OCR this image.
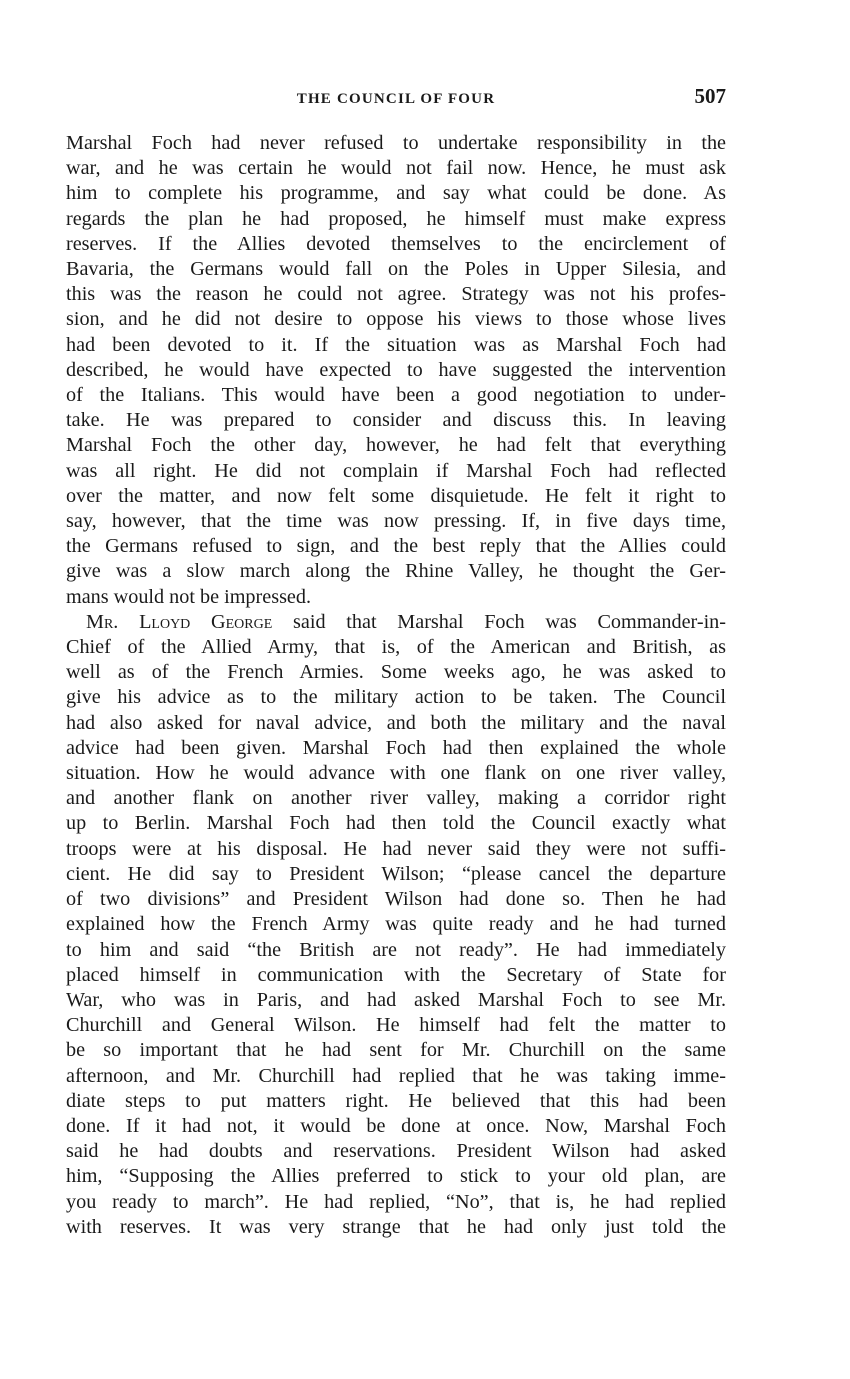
THE COUNCIL OF FOUR	507
Marshal Foch had never refused to undertake responsibility in the
war, and he was certain he would not fail now. Hence, he must ask
him to complete his programme, and say what could be done. As
regards the plan he had proposed, he himself must make express
reserves. If the Allies devoted themselves to the encirclement of
Bavaria, the Germans would fall on the Poles in Upper Silesia, and
this was the reason he could not agree. Strategy was not his profes-
sion, and he did not desire to oppose his views to those whose lives
had been devoted to it. If the situation was as Marshal Foch had
described, he would have expected to have suggested the intervention
of the Italians. This would have been a good negotiation to under-
take. He was prepared to consider and discuss this. In leaving
Marshal Foch the other day, however, he had felt that everything
was all right. He did not complain if Marshal Foch had reflected
over the matter, and now felt some disquietude. He felt it right to
say, however, that the time was now pressing. If, in five days time,
the Germans refused to sign, and the best reply that the Allies could
give was a slow march along the Rhine Valley, he thought the Ger-
mans would not be impressed.
Mr. Lloyd George said that Marshal Foch was Commander-in-
Chief of the Allied Army, that is, of the American and British, as
well as of the French Armies. Some weeks ago, he was asked to
give his advice as to the military action to be taken. The Council
had also asked for naval advice, and both the military and the naval
advice had been given. Marshal Foch had then explained the whole
situation. How he would advance with one flank on one river valley,
and another flank on another river valley, making a corridor right
up to Berlin. Marshal Foch had then told the Council exactly what
troops were at his disposal. He had never said they were not suffi-
cient. He did say to President Wilson; “please cancel the departure
of two divisions” and President Wilson had done so. Then he had
explained how the French Army was quite ready and he had turned
to him and said “the British are not ready”. He had immediately
placed himself in communication with the Secretary of State for
War, who was in Paris, and had asked Marshal Foch to see Mr.
Churchill and General Wilson. He himself had felt the matter to
be so important that he had sent for Mr. Churchill on the same
afternoon, and Mr. Churchill had replied that he was taking imme-
diate steps to put matters right. He believed that this had been
done. If it had not, it would be done at once. Now, Marshal Foch
said he had doubts and reservations. President Wilson had asked
him, “Supposing the Allies preferred to stick to your old plan, are
you ready to march”. He had replied, “No”, that is, he had replied
with reserves. It was very strange that he had only just told the
